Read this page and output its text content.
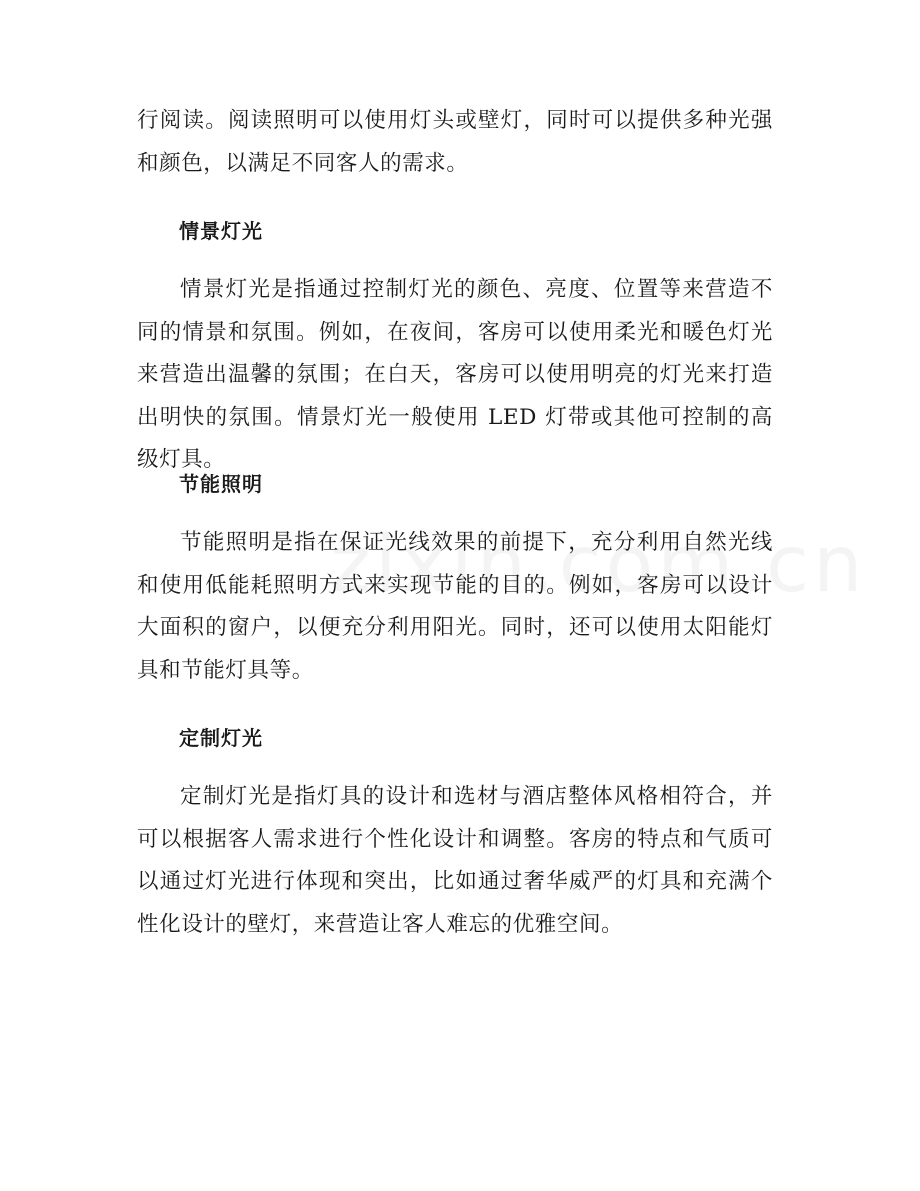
行阅读。阅读照明可以使用灯头或壁灯，同时可以提供多种光强和颜色，以满足不同客人的需求。

情景灯光

情景灯光是指通过控制灯光的颜色、亮度、位置等来营造不同的情景和氛围。例如，在夜间，客房可以使用柔光和暖色灯光来营造出温馨的氛围；在白天，客房可以使用明亮的灯光来打造出明快的氛围。情景灯光一般使用 LED 灯带或其他可控制的高级灯具。

节能照明

节能照明是指在保证光线效果的前提下，充分利用自然光线和使用低能耗照明方式来实现节能的目的。例如，客房可以设计大面积的窗户，以便充分利用阳光。同时，还可以使用太阳能灯具和节能灯具等。

定制灯光

定制灯光是指灯具的设计和选材与酒店整体风格相符合，并可以根据客人需求进行个性化设计和调整。客房的特点和气质可以通过灯光进行体现和突出，比如通过奢华威严的灯具和充满个性化设计的壁灯，来营造让客人难忘的优雅空间。
